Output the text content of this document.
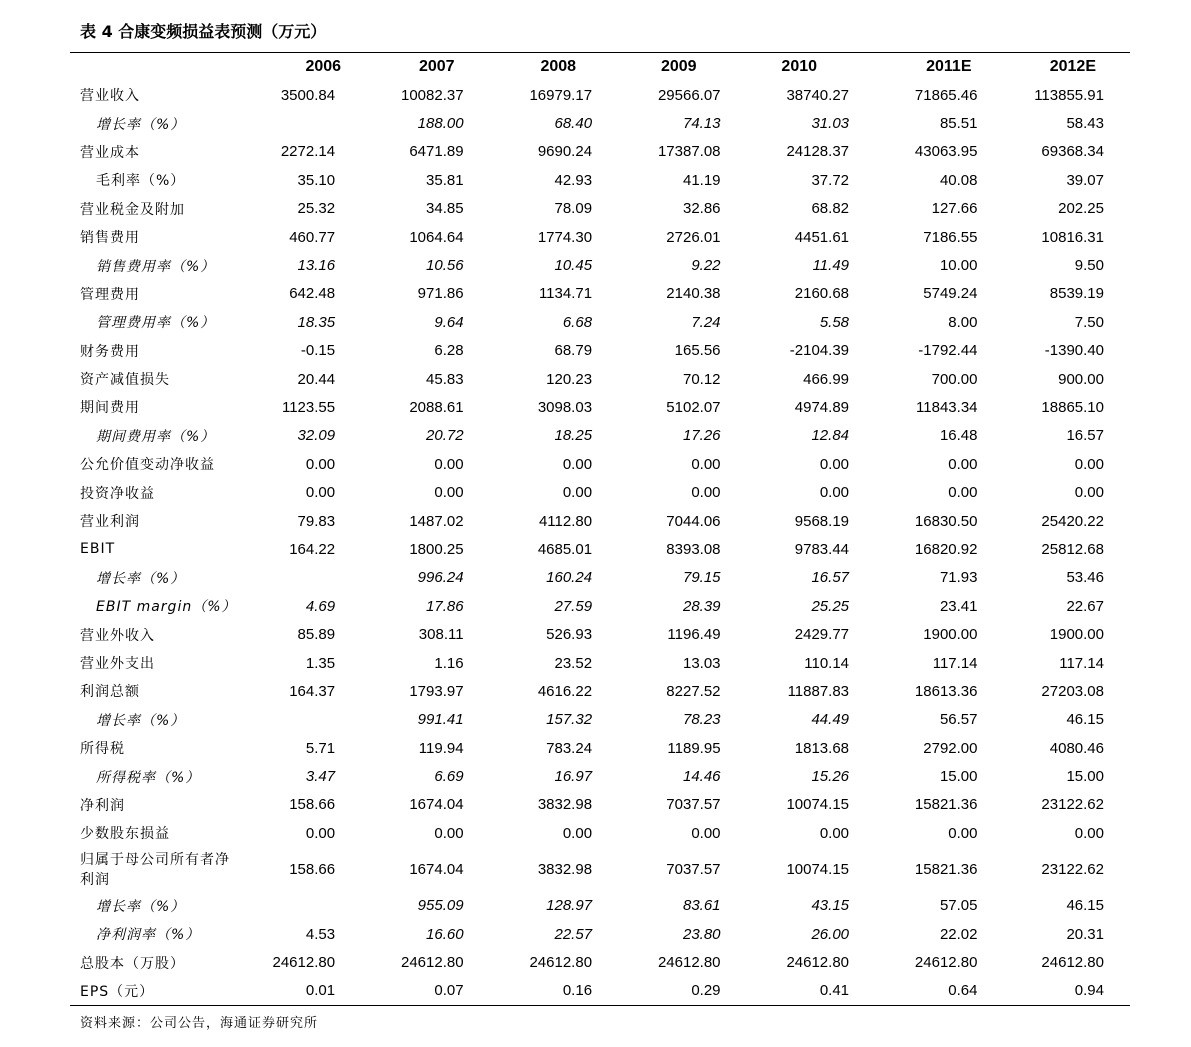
表 4 合康变频损益表预测（万元）
	2006	2007	2008	2009	2010	2011E	2012E
营业收入	3500.84	10082.37	16979.17	29566.07	38740.27	71865.46	113855.91
增长率（%）		188.00	68.40	74.13	31.03	85.51	58.43
营业成本	2272.14	6471.89	9690.24	17387.08	24128.37	43063.95	69368.34
毛利率（%）	35.10	35.81	42.93	41.19	37.72	40.08	39.07
营业税金及附加	25.32	34.85	78.09	32.86	68.82	127.66	202.25
销售费用	460.77	1064.64	1774.30	2726.01	4451.61	7186.55	10816.31
销售费用率（%）	13.16	10.56	10.45	9.22	11.49	10.00	9.50
管理费用	642.48	971.86	1134.71	2140.38	2160.68	5749.24	8539.19
管理费用率（%）	18.35	9.64	6.68	7.24	5.58	8.00	7.50
财务费用	-0.15	6.28	68.79	165.56	-2104.39	-1792.44	-1390.40
资产减值损失	20.44	45.83	120.23	70.12	466.99	700.00	900.00
期间费用	1123.55	2088.61	3098.03	5102.07	4974.89	11843.34	18865.10
期间费用率（%）	32.09	20.72	18.25	17.26	12.84	16.48	16.57
公允价值变动净收益	0.00	0.00	0.00	0.00	0.00	0.00	0.00
投资净收益	0.00	0.00	0.00	0.00	0.00	0.00	0.00
营业利润	79.83	1487.02	4112.80	7044.06	9568.19	16830.50	25420.22
EBIT	164.22	1800.25	4685.01	8393.08	9783.44	16820.92	25812.68
增长率（%）		996.24	160.24	79.15	16.57	71.93	53.46
EBIT margin（%）	4.69	17.86	27.59	28.39	25.25	23.41	22.67
营业外收入	85.89	308.11	526.93	1196.49	2429.77	1900.00	1900.00
营业外支出	1.35	1.16	23.52	13.03	110.14	117.14	117.14
利润总额	164.37	1793.97	4616.22	8227.52	11887.83	18613.36	27203.08
增长率（%）		991.41	157.32	78.23	44.49	56.57	46.15
所得税	5.71	119.94	783.24	1189.95	1813.68	2792.00	4080.46
所得税率（%）	3.47	6.69	16.97	14.46	15.26	15.00	15.00
净利润	158.66	1674.04	3832.98	7037.57	10074.15	15821.36	23122.62
少数股东损益	0.00	0.00	0.00	0.00	0.00	0.00	0.00
归属于母公司所有者净利润	158.66	1674.04	3832.98	7037.57	10074.15	15821.36	23122.62
增长率（%）		955.09	128.97	83.61	43.15	57.05	46.15
净利润率（%）	4.53	16.60	22.57	23.80	26.00	22.02	20.31
总股本（万股）	24612.80	24612.80	24612.80	24612.80	24612.80	24612.80	24612.80
EPS（元）	0.01	0.07	0.16	0.29	0.41	0.64	0.94
资料来源：公司公告，海通证券研究所
